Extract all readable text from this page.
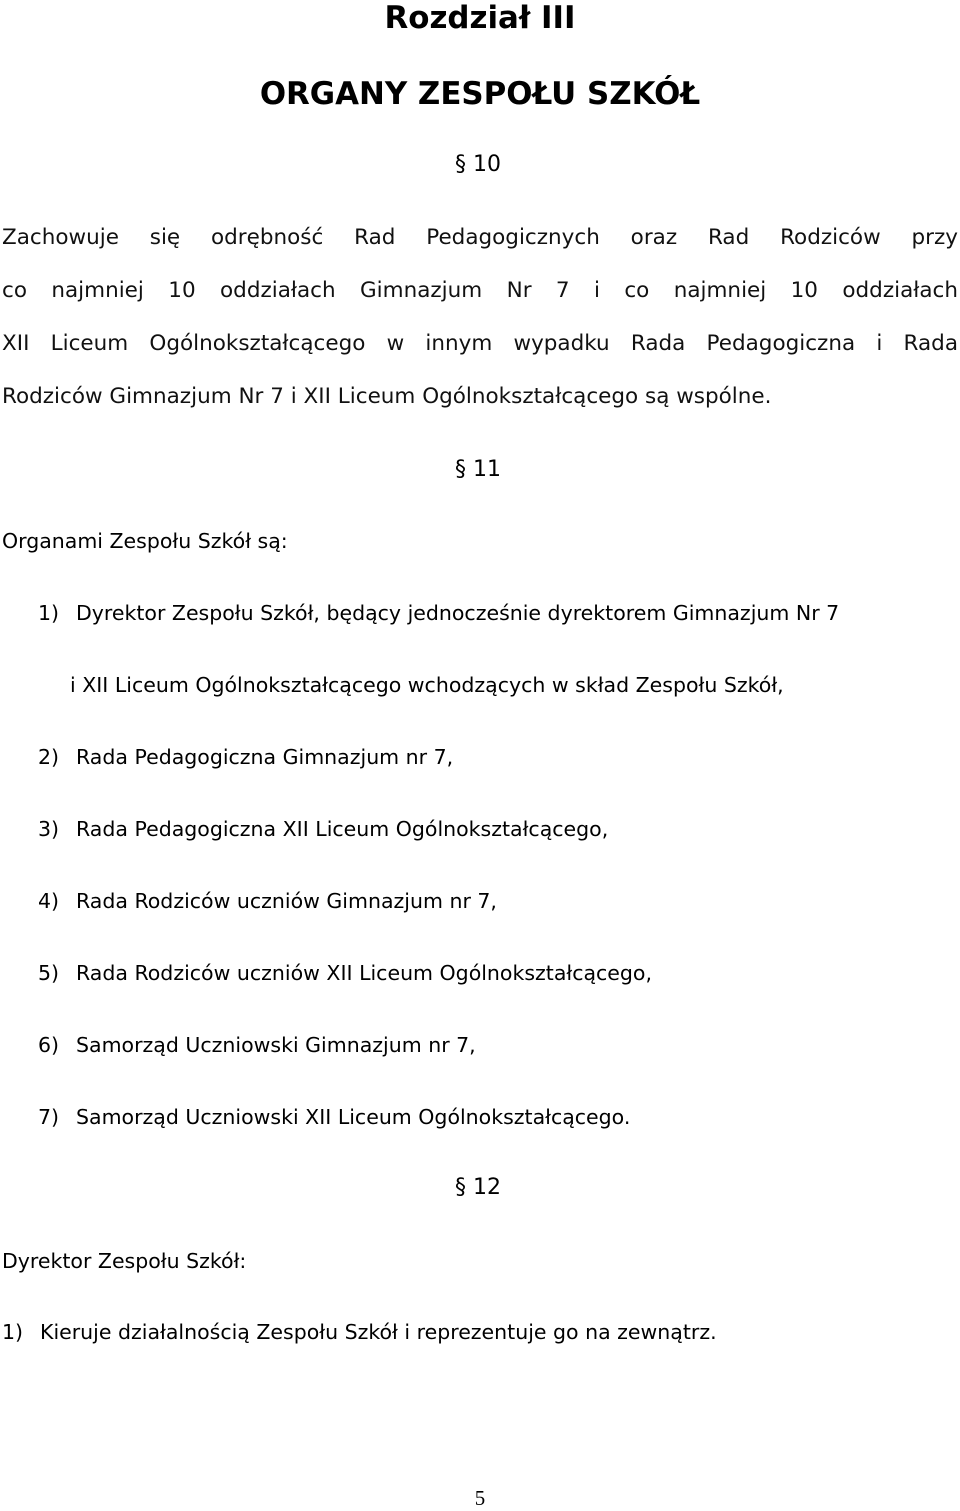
Rozdział III
ORGANY ZESPOŁU SZKÓŁ
§ 10
Zachowuje się odrębność Rad Pedagogicznych oraz Rad Rodziców przy
co najmniej 10 oddziałach Gimnazjum Nr 7 i co najmniej 10 oddziałach
XII Liceum Ogólnokształcącego w innym wypadku Rada Pedagogiczna i Rada
Rodziców Gimnazjum Nr 7 i XII Liceum Ogólnokształcącego są wspólne.
§ 11
Organami Zespołu Szkół są:
1) Dyrektor Zespołu Szkół, będący jednocześnie dyrektorem Gimnazjum Nr 7
i XII Liceum Ogólnokształcącego wchodzących w skład Zespołu Szkół,
2) Rada Pedagogiczna Gimnazjum nr 7,
3) Rada Pedagogiczna XII Liceum Ogólnokształcącego,
4) Rada Rodziców uczniów Gimnazjum nr 7,
5) Rada Rodziców uczniów XII Liceum Ogólnokształcącego,
6) Samorząd Uczniowski Gimnazjum nr 7,
7) Samorząd Uczniowski XII Liceum Ogólnokształcącego.
§ 12
Dyrektor Zespołu Szkół:
1) Kieruje działalnością Zespołu Szkół i reprezentuje go na zewnątrz.
5
